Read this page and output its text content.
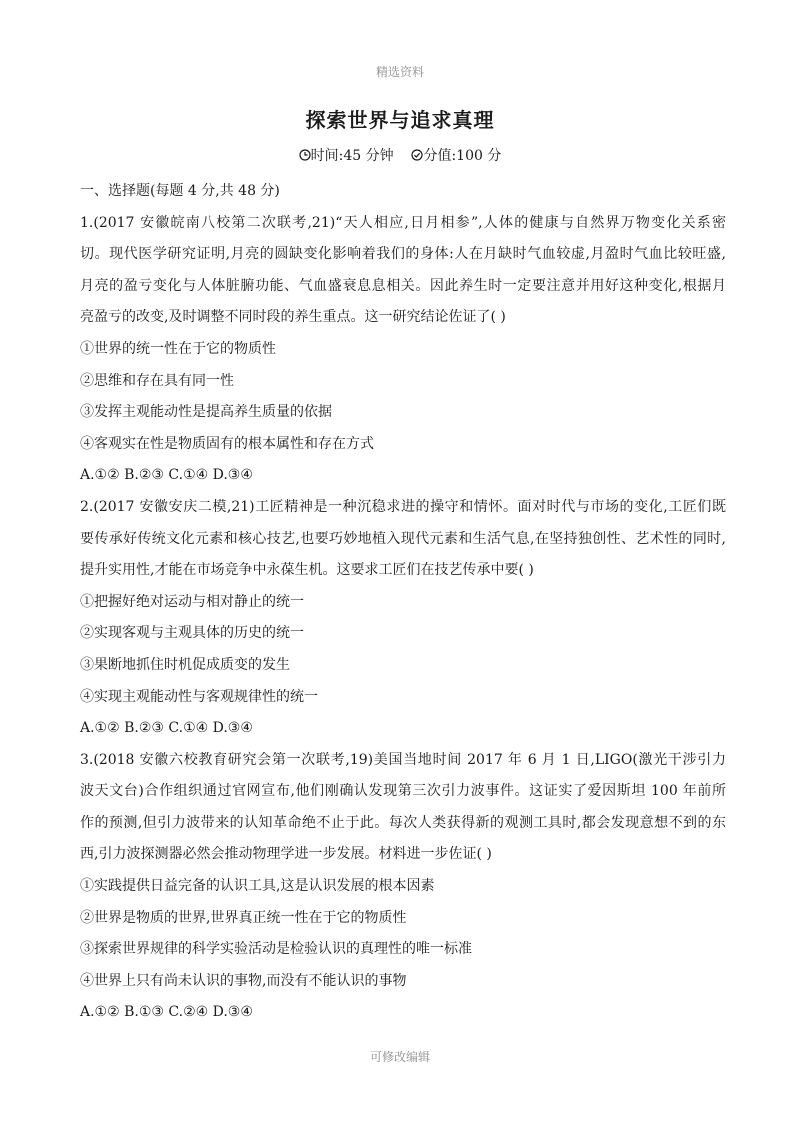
精选资料
探索世界与追求真理
时间:45 分钟 分值:100 分
一、选择题(每题 4 分,共 48 分)
1.(2017 安徽皖南八校第二次联考,21)“天人相应,日月相参”,人体的健康与自然界万物变化关系密
切。现代医学研究证明,月亮的圆缺变化影响着我们的身体:人在月缺时气血较虚,月盈时气血比较旺盛,
月亮的盈亏变化与人体脏腑功能、气血盛衰息息相关。因此养生时一定要注意并用好这种变化,根据月
亮盈亏的改变,及时调整不同时段的养生重点。这一研究结论佐证了( )
①世界的统一性在于它的物质性
②思维和存在具有同一性
③发挥主观能动性是提高养生质量的依据
④客观实在性是物质固有的根本属性和存在方式
A.①② B.②③ C.①④ D.③④
2.(2017 安徽安庆二模,21)工匠精神是一种沉稳求进的操守和情怀。面对时代与市场的变化,工匠们既
要传承好传统文化元素和核心技艺,也要巧妙地植入现代元素和生活气息,在坚持独创性、艺术性的同时,
提升实用性,才能在市场竞争中永葆生机。这要求工匠们在技艺传承中要( )
①把握好绝对运动与相对静止的统一
②实现客观与主观具体的历史的统一
③果断地抓住时机促成质变的发生
④实现主观能动性与客观规律性的统一
A.①② B.②③ C.①④ D.③④
3.(2018 安徽六校教育研究会第一次联考,19)美国当地时间 2017 年 6 月 1 日,LIGO(激光干涉引力
波天文台)合作组织通过官网宣布,他们刚确认发现第三次引力波事件。这证实了爱因斯坦 100 年前所
作的预测,但引力波带来的认知革命绝不止于此。每次人类获得新的观测工具时,都会发现意想不到的东
西,引力波探测器必然会推动物理学进一步发展。材料进一步佐证( )
①实践提供日益完备的认识工具,这是认识发展的根本因素
②世界是物质的世界,世界真正统一性在于它的物质性
③探索世界规律的科学实验活动是检验认识的真理性的唯一标准
④世界上只有尚未认识的事物,而没有不能认识的事物
A.①② B.①③ C.②④ D.③④
可修改编辑
